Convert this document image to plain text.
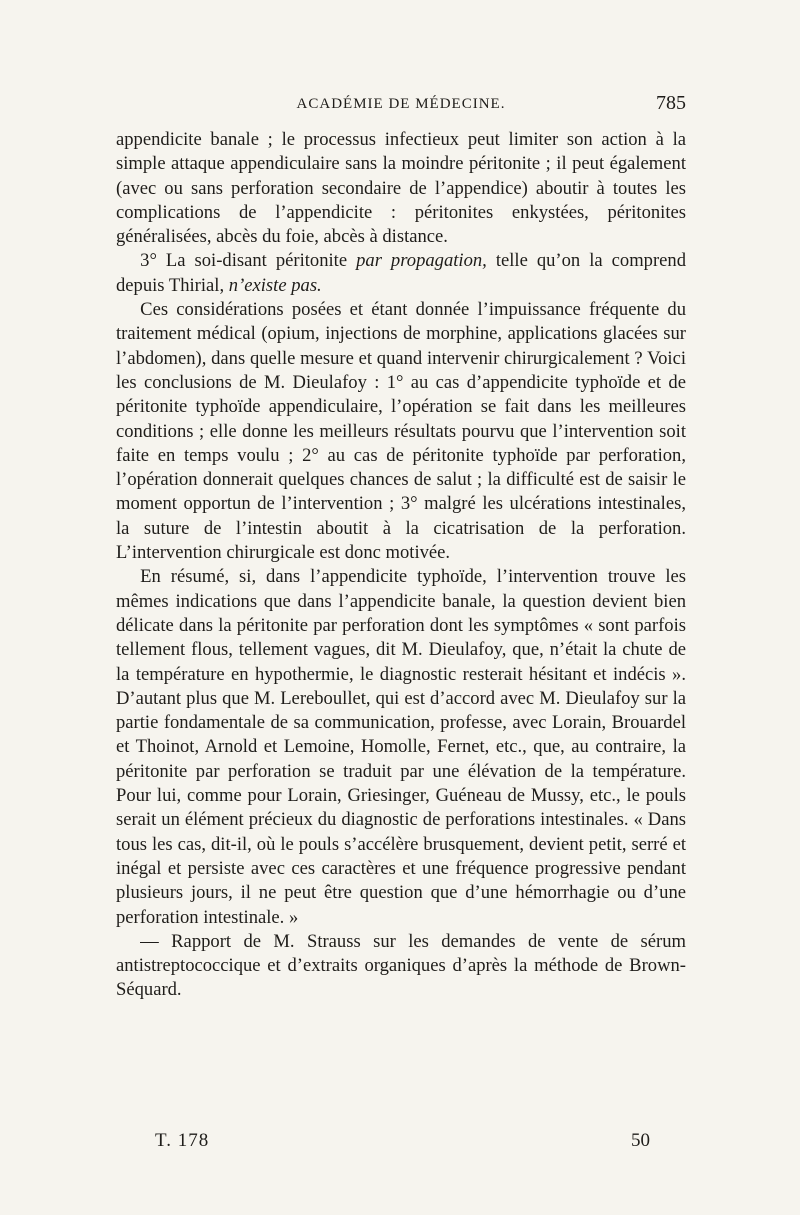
ACADÉMIE DE MÉDECINE.	785

appendicite banale ; le processus infectieux peut limiter son action à la simple attaque appendiculaire sans la moindre péritonite ; il peut également (avec ou sans perforation secondaire de l’appendice) aboutir à toutes les complications de l’appendicite : péritonites enkystées, péritonites généralisées, abcès du foie, abcès à distance.

3° La soi-disant péritonite par propagation, telle qu’on la comprend depuis Thirial, n’existe pas.

Ces considérations posées et étant donnée l’impuissance fréquente du traitement médical (opium, injections de morphine, applications glacées sur l’abdomen), dans quelle mesure et quand intervenir chirurgicalement ? Voici les conclusions de M. Dieulafoy : 1° au cas d’appendicite typhoïde et de péritonite typhoïde appendiculaire, l’opération se fait dans les meilleures conditions ; elle donne les meilleurs résultats pourvu que l’intervention soit faite en temps voulu ; 2° au cas de péritonite typhoïde par perforation, l’opération donnerait quelques chances de salut ; la difficulté est de saisir le moment opportun de l’intervention ; 3° malgré les ulcérations intestinales, la suture de l’intestin aboutit à la cicatrisation de la perforation. L’intervention chirurgicale est donc motivée.

En résumé, si, dans l’appendicite typhoïde, l’intervention trouve les mêmes indications que dans l’appendicite banale, la question devient bien délicate dans la péritonite par perforation dont les symptômes « sont parfois tellement flous, tellement vagues, dit M. Dieulafoy, que, n’était la chute de la température en hypothermie, le diagnostic resterait hésitant et indécis ». D’autant plus que M. Lereboullet, qui est d’accord avec M. Dieulafoy sur la partie fondamentale de sa communication, professe, avec Lorain, Brouardel et Thoinot, Arnold et Lemoine, Homolle, Fernet, etc., que, au contraire, la péritonite par perforation se traduit par une élévation de la température. Pour lui, comme pour Lorain, Griesinger, Guéneau de Mussy, etc., le pouls serait un élément précieux du diagnostic de perforations intestinales. « Dans tous les cas, dit-il, où le pouls s’accélère brusquement, devient petit, serré et inégal et persiste avec ces caractères et une fréquence progressive pendant plusieurs jours, il ne peut être question que d’une hémorrhagie ou d’une perforation intestinale. »

— Rapport de M. Strauss sur les demandes de vente de sérum antistreptococcique et d’extraits organiques d’après la méthode de Brown-Séquard.

T. 178	50
